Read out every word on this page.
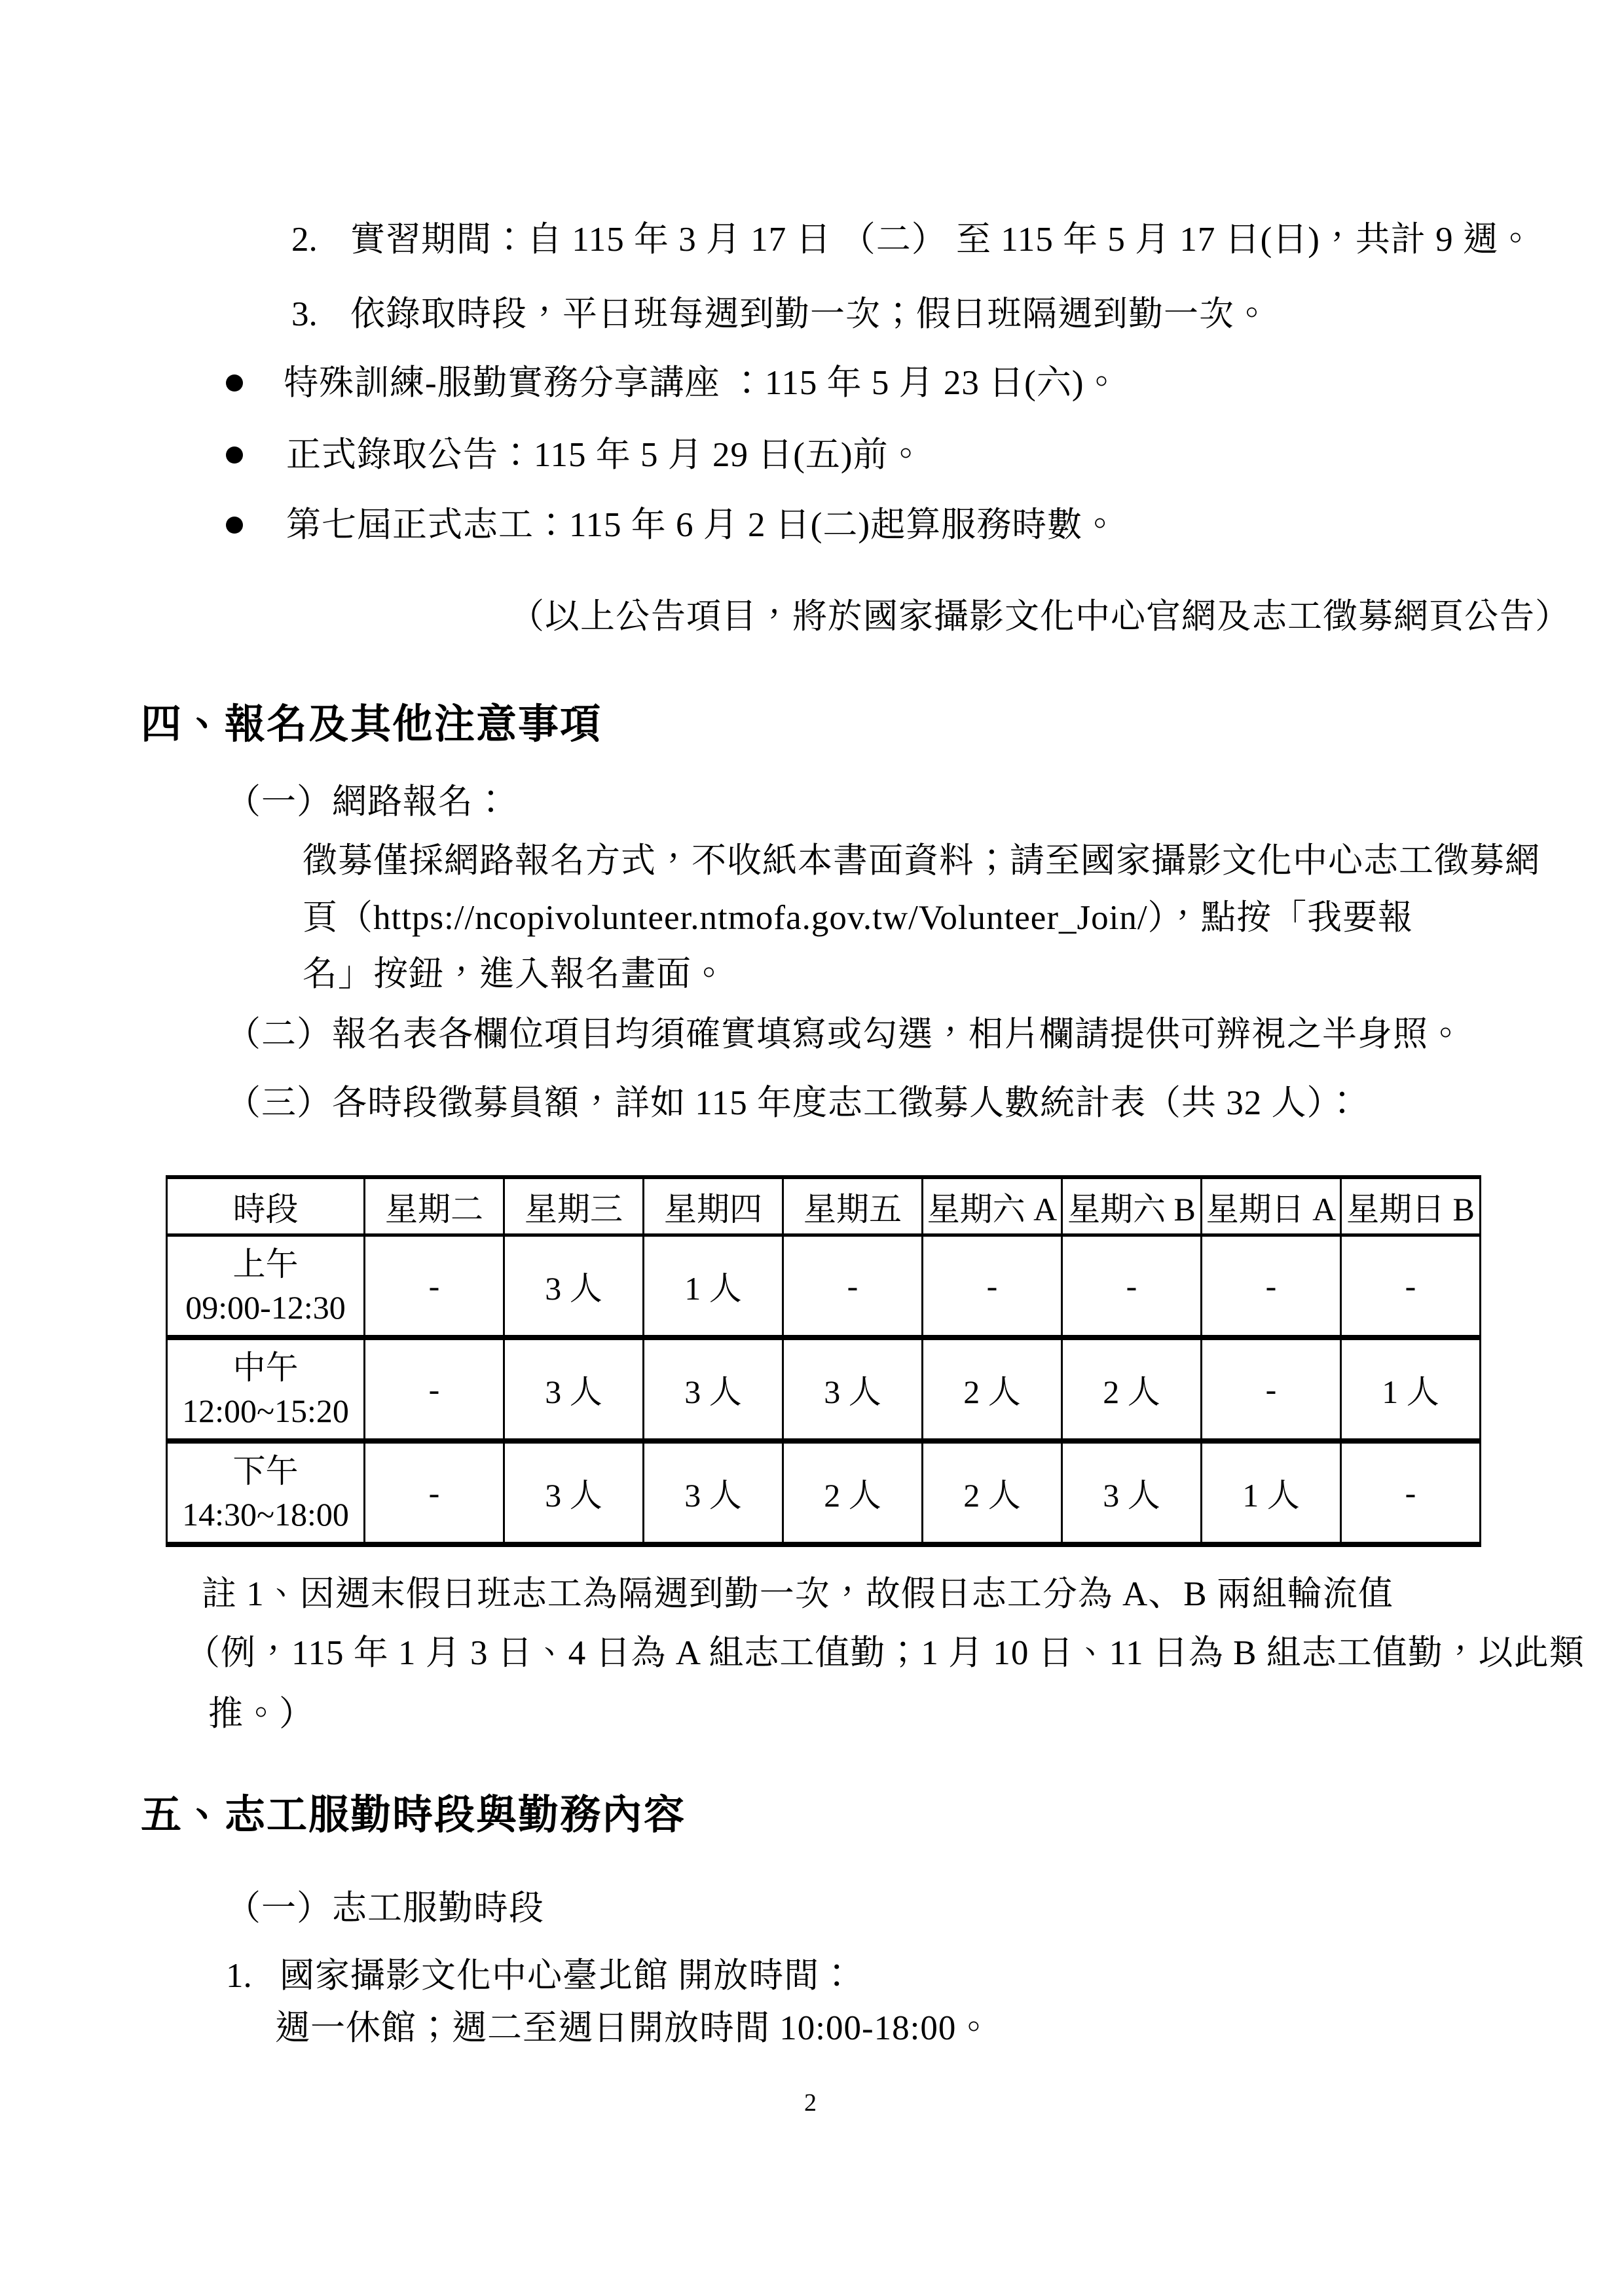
2. 實習期間：自 115 年 3 月 17 日 （二） 至 115 年 5 月 17 日(日)，共計 9 週。
3. 依錄取時段，平日班每週到勤一次；假日班隔週到勤一次。
特殊訓練-服勤實務分享講座 ：115 年 5 月 23 日(六)。
正式錄取公告：115 年 5 月 29 日(五)前。
第七屆正式志工：115 年 6 月 2 日(二)起算服務時數。
（以上公告項目，將於國家攝影文化中心官網及志工徵募網頁公告）
四、報名及其他注意事項
（一）網路報名：
徵募僅採網路報名方式，不收紙本書面資料；請至國家攝影文化中心志工徵募網
頁（https://ncopivolunteer.ntmofa.gov.tw/Volunteer_Join/），點按「我要報
名」按鈕，進入報名畫面。
（二）報名表各欄位項目均須確實填寫或勾選，相片欄請提供可辨視之半身照。
（三）各時段徵募員額，詳如 115 年度志工徵募人數統計表（共 32 人）：
時段	星期二	星期三	星期四	星期五	星期六 A	星期六 B	星期日 A	星期日 B

上午
09:00-12:30	-	3 人	1 人	-	-	-	-	-

中午
12:00~15:20	-	3 人	3 人	3 人	2 人	2 人	-	1 人

下午
14:30~18:00	-	3 人	3 人	2 人	2 人	3 人	1 人	-
註 1、因週末假日班志工為隔週到勤一次，故假日志工分為 A、B 兩組輪流值
（例，115 年 1 月 3 日、4 日為 A 組志工值勤；1 月 10 日、11 日為 B 組志工值勤，以此類
推。）
五、志工服勤時段與勤務內容
（一）志工服勤時段
1. 國家攝影文化中心臺北館 開放時間：
週一休館；週二至週日開放時間 10:00-18:00。
2
